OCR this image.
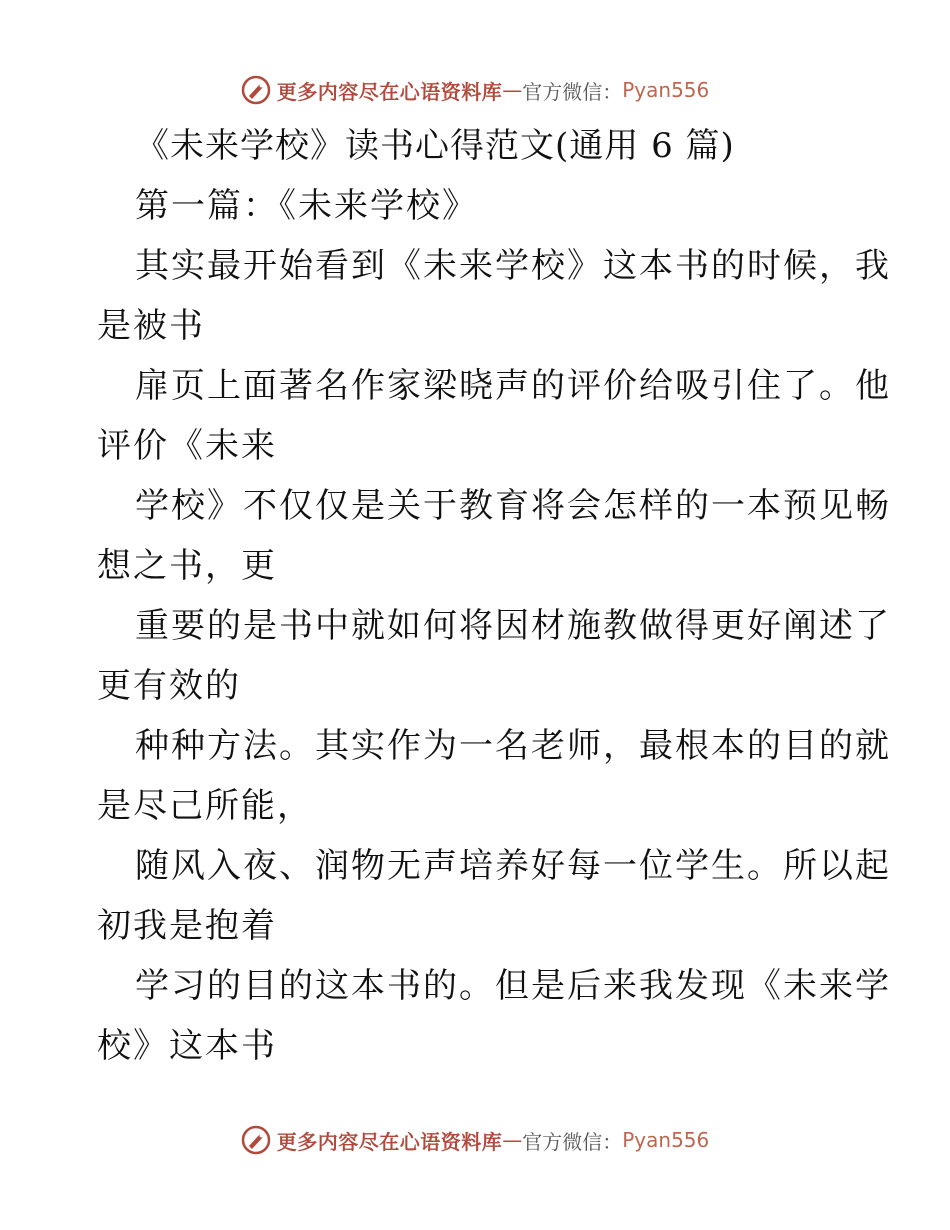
更多内容尽在心语资料库 — 官方微信： Pyan556
《未来学校》读书心得范文(通用 6 篇)
第一篇：《未来学校》
其实最开始看到《未来学校》这本书的时候，我
是被书
扉页上面著名作家梁晓声的评价给吸引住了。他
评价《未来
学校》不仅仅是关于教育将会怎样的一本预见畅
想之书，更
重要的是书中就如何将因材施教做得更好阐述了
更有效的
种种方法。其实作为一名老师，最根本的目的就
是尽己所能，
随风入夜、润物无声培养好每一位学生。所以起
初我是抱着
学习的目的这本书的。但是后来我发现《未来学
校》这本书
更多内容尽在心语资料库 — 官方微信： Pyan556
